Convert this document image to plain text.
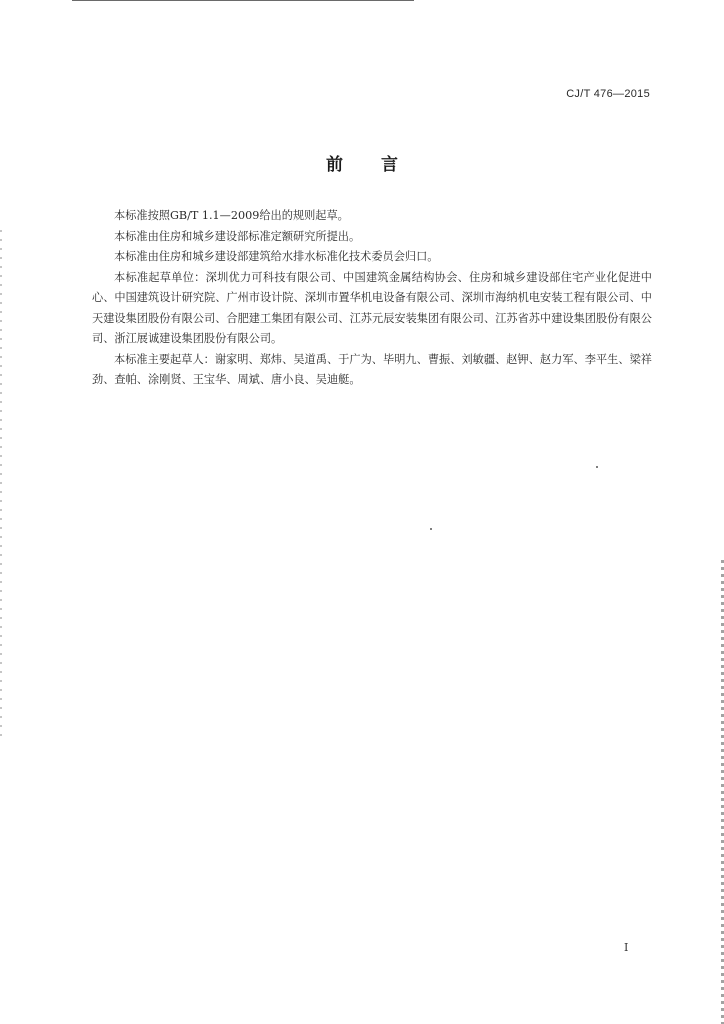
CJ/T 476—2015
前言

本标准按照GB/T 1.1—2009给出的规则起草。

本标准由住房和城乡建设部标准定额研究所提出。

本标准由住房和城乡建设部建筑给水排水标准化技术委员会归口。

本标准起草单位：深圳优力可科技有限公司、中国建筑金属结构协会、住房和城乡建设部住宅产业化促进中心、中国建筑设计研究院、广州市设计院、深圳市置华机电设备有限公司、深圳市海纳机电安装工程有限公司、中天建设集团股份有限公司、合肥建工集团有限公司、江苏元辰安装集团有限公司、江苏省苏中建设集团股份有限公司、浙江展诚建设集团股份有限公司。

本标准主要起草人：谢家明、郑炜、吴道禹、于广为、毕明九、曹振、刘敏疆、赵钾、赵力军、李平生、梁祥劲、查帕、涂刚贤、王宝华、周斌、唐小良、吴迪艇。

I
